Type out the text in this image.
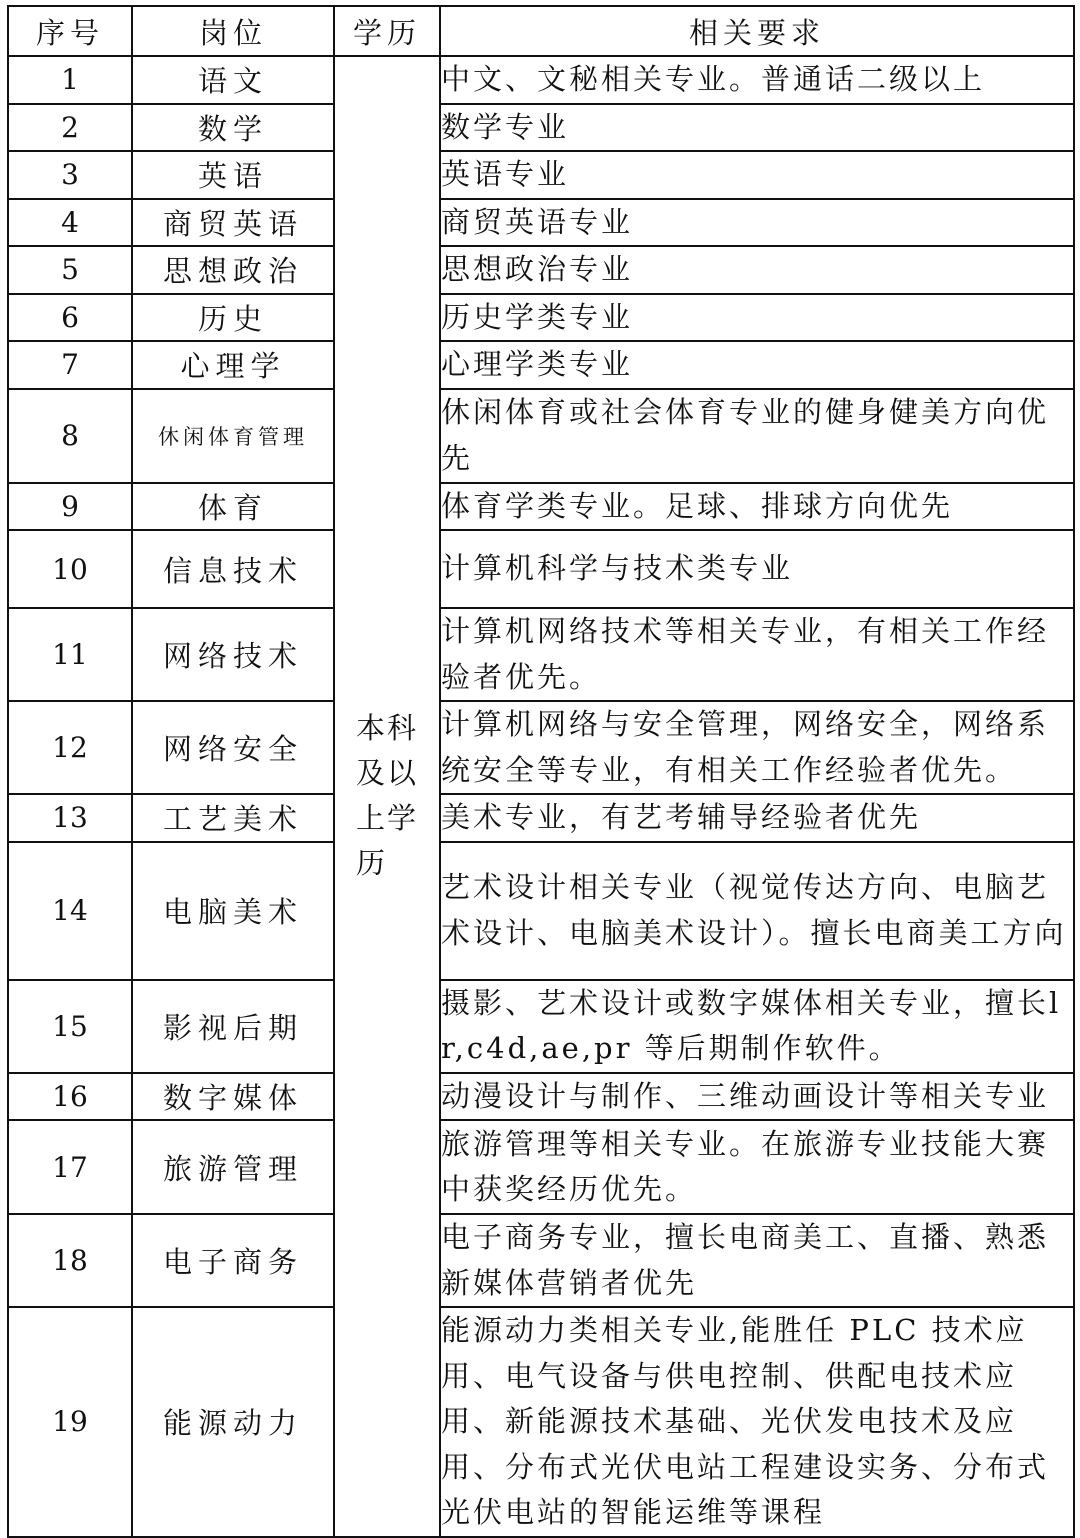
序号	岗位	学历	相关要求
1	语文	本科及以上学历	中文、文秘相关专业。普通话二级以上
2	数学		数学专业
3	英语		英语专业
4	商贸英语		商贸英语专业
5	思想政治		思想政治专业
6	历史		历史学类专业
7	心理学		心理学类专业
8	休闲体育管理		休闲体育或社会体育专业的健身健美方向优先
9	体育		体育学类专业。足球、排球方向优先
10	信息技术		计算机科学与技术类专业
11	网络技术		计算机网络技术等相关专业，有相关工作经验者优先。
12	网络安全		计算机网络与安全管理，网络安全，网络系统安全等专业，有相关工作经验者优先。
13	工艺美术		美术专业，有艺考辅导经验者优先
14	电脑美术		艺术设计相关专业（视觉传达方向、电脑艺术设计、电脑美术设计）。擅长电商美工方向
15	影视后期		摄影、艺术设计或数字媒体相关专业，擅长lr,c4d,ae,pr 等后期制作软件。
16	数字媒体		动漫设计与制作、三维动画设计等相关专业
17	旅游管理		旅游管理等相关专业。在旅游专业技能大赛中获奖经历优先。
18	电子商务		电子商务专业，擅长电商美工、直播、熟悉新媒体营销者优先
19	能源动力		能源动力类相关专业,能胜任 PLC 技术应用、电气设备与供电控制、供配电技术应用、新能源技术基础、光伏发电技术及应用、分布式光伏电站工程建设实务、分布式光伏电站的智能运维等课程
